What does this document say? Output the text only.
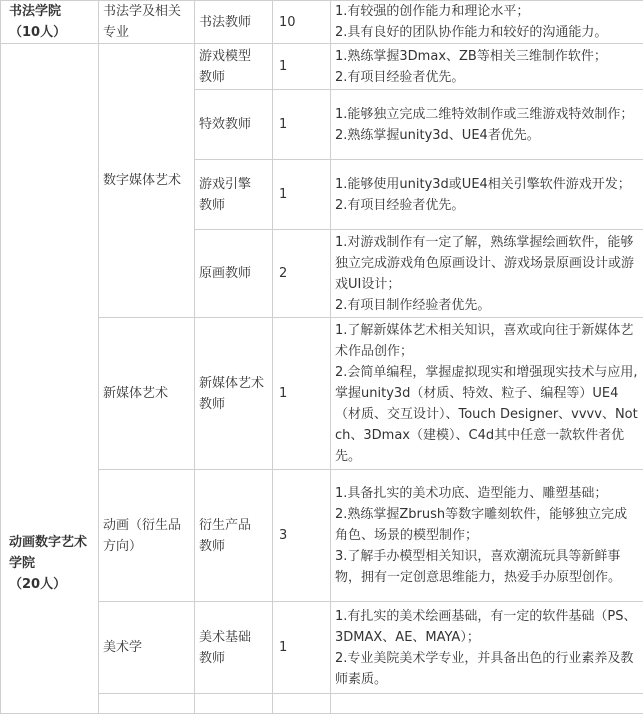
书法学院
（10人）	书法学及相关
专业	书法教师	10	1.有较强的创作能力和理论水平；
2.具有良好的团队协作能力和较好的沟通能力。

动画数字艺术
学院
（20人）	数字媒体艺术	游戏模型
教师	1	1.熟练掌握3Dmax、ZB等相关三维制作软件；
2.有项目经验者优先。

		特效教师	1	1.能够独立完成二维特效制作或三维游戏特效制作；
2.熟练掌握unity3d、UE4者优先。

		游戏引擎
教师	1	1.能够使用unity3d或UE4相关引擎软件游戏开发；
2.有项目经验者优先。

		原画教师	2	1.对游戏制作有一定了解，熟练掌握绘画软件，能够独立完成游戏角色原画设计、游戏场景原画设计或游戏UI设计；
2.有项目制作经验者优先。

	新媒体艺术	新媒体艺术
教师	1	1.了解新媒体艺术相关知识，喜欢或向往于新媒体艺术作品创作；
2.会简单编程，掌握虚拟现实和增强现实技术与应用,掌握unity3d（材质、特效、粒子、编程等）UE4（材质、交互设计）、Touch Designer、vvvv、Notch、3Dmax（建模）、C4d其中任意一款软件者优先。

	动画（衍生品
方向）	衍生产品
教师	3	1.具备扎实的美术功底、造型能力、雕塑基础；
2.熟练掌握Zbrush等数字雕刻软件，能够独立完成角色、场景的模型制作；
3.了解手办模型相关知识，喜欢潮流玩具等新鲜事物，拥有一定创意思维能力，热爱手办原型创作。

	美术学	美术基础
教师	1	1.有扎实的美术绘画基础，有一定的软件基础（PS、3DMAX、AE、MAYA）；
2.专业美院美术学专业，并具备出色的行业素养及教师素质。
